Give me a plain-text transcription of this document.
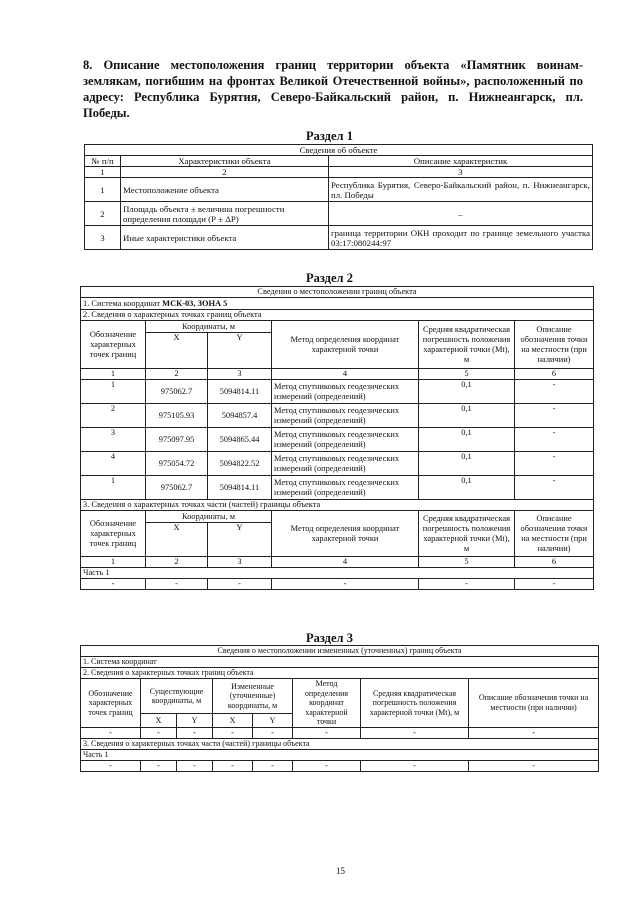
8. Описание местоположения границ территории объекта «Памятник воинам-землякам, погибшим на фронтах Великой Отечественной войны», расположенный по адресу: Республика Бурятия, Северо-Байкальский район, п. Нижнеангарск, пл. Победы.
Раздел 1
Сведения об объекте		
№ п/п	Характеристики объекта	Описание характеристик
1	2	3
1	Местоположение объекта	Республика Бурятия, Северо-Байкальский район, п. Нижнеангарск, пл. Победы
2	Площадь объекта ± величина погрешности определения площади (Р ± ΔР)	–
3	Иные характеристики объекта	граница территории ОКН проходит по границе земельного участка 03:17:080244:97
Раздел 2
Сведения о местоположении границ объекта					
1. Система координат МСК-03, ЗОНА 5					
2. Сведения о характерных точках границ объекта					
Обозначение характерных точек границ	Координаты, м		Метод определения координат характерной точки	Средняя квадратическая погрешность положения характерной точки (Mt), м	Описание обозначения точки на местности (при наличии)
	X	Y			
1	2	3	4	5	6
1	975062.7	5094814.11	Метод спутниковых геодезических измерений (определений)	0,1	-
2	975105.93	5094857.4	Метод спутниковых геодезических измерений (определений)	0,1	-
3	975097.95	5094865.44	Метод спутниковых геодезических измерений (определений)	0,1	-
4	975054.72	5094822.52	Метод спутниковых геодезических измерений (определений)	0,1	-
1	975062.7	5094814.11	Метод спутниковых геодезических измерений (определений)	0,1	-
3. Сведения о характерных точках части (частей) границы объекта					
Обозначение характерных точек границ	Координаты, м		Метод определения координат характерной точки	Средняя квадратическая погрешность положения характерной точки (Mt), м	Описание обозначения точки на местности (при наличии)
	X	Y			
1	2	3	4	5	6
Часть 1					
-	-	-	-	-	-
Раздел 3
Сведения о местоположении измененных (уточненных) границ объекта							
1. Система координат							
2. Сведения о характерных точках границ объекта							
Обозначение характерных точек границ	Существующие координаты, м		Измененные (уточненные) координаты, м		Метод определения координат характерной точки	Средняя квадратическая погрешность положения характерной точки (Mt), м	Описание обозначения точки на местности (при наличии)
	X	Y	X	Y			
-	-	-	-	-	-	-	-
3. Сведения о характерных точках части (частей) границы объекта							
Часть 1							
-	-	-	-	-	-	-	-
15
